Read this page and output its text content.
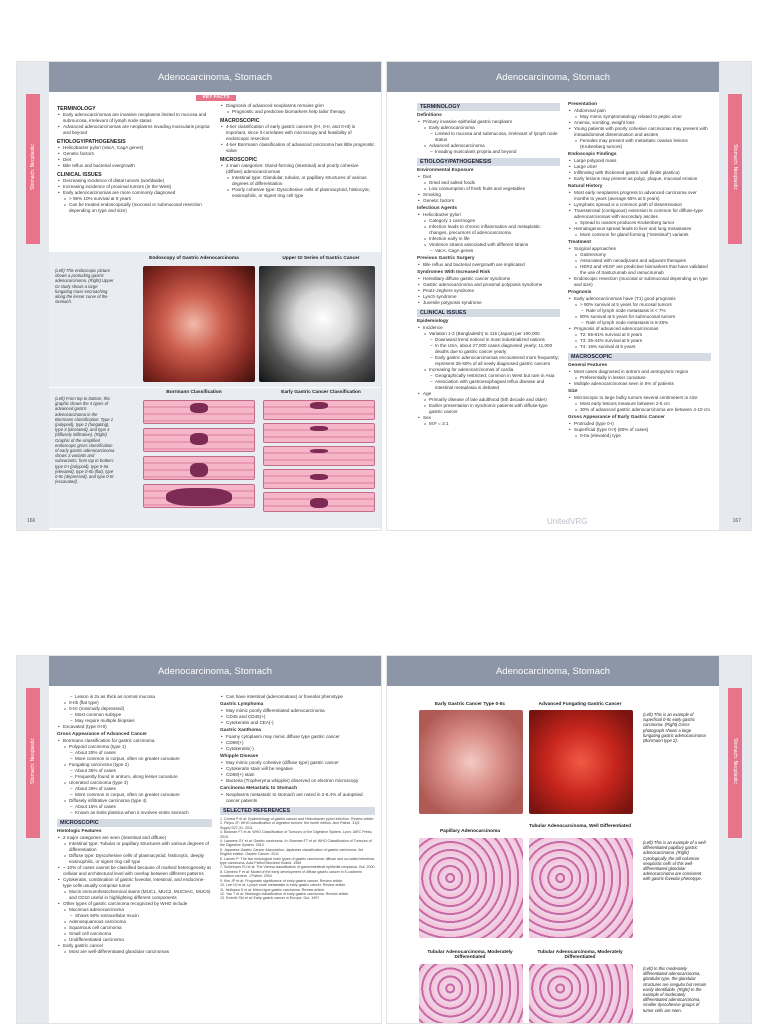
Stomach: Neoplastic
Adenocarcinoma, Stomach
KEY FACTS
TERMINOLOGY
• Early adenocarcinomas are invasive neoplasms limited to mucosa and submucosa, irrelevant of lymph node status
• Advanced adenocarcinomas are neoplasms invading muscularis propria and beyond
ETIOLOGY/PATHOGENESIS
• Helicobacter pylori (VacA, CagA genes)
• Genetic factors
• Diet
• Bile reflux and bacterial overgrowth
CLINICAL ISSUES
• Decreasing incidence of distal tumors (worldwide)
• Increasing incidence of proximal tumors (in the West)
• Early adenocarcinomas are more commonly diagnosed
o > 95% 10% survival at 5 years
o Can be treated endoscopically (mucosal or submucosal resection depending on type and size)
• Diagnosis of advanced neoplasms remains grim
o Prognostic and predictive biomarkers help tailor therapy
MACROSCOPIC
• 4-tier classification of early gastric cancers (0-I, 0-II, and 0-III) is important, since it correlates with microscopy and feasibility of endoscopic resection
• 4-tier Borrmann classification of advanced carcinoma has little prognostic value
MICROSCOPIC
• 2 main categories: Gland-forming (intestinal) and poorly cohesive (diffuse) adenocarcinomas
o Intestinal type: Glandular, tubular, or papillary structures of various degrees of differentiation
o Poorly cohesive type: Dyscohesive cells of plasmacytoid, histiocytic, eosinophilic, or signet ring cell type
(Left) This endoscopic picture shows a protruding gastric adenocarcinoma. (Right) Upper GI study shows a large fungating mass encroaching along the lesser curve of the stomach.
Endoscopy of Gastric Adenocarcinoma	Upper GI Series of Gastric Cancer
(Left) From top to bottom, this graphic shows the 4 types of advanced gastric adenocarcinoma in the Borrmann classification: Type 1 (polypoid), type 2 (fungating), type 3 (ulcerated), and type 4 (diffusely infiltrative). (Right) Graphic of the simplified endoscopic gross classification of early gastric adenocarcinoma shows 3 variants and subvariants, from top to bottom: type 0-I (polypoid), type 0-IIa (elevated), type 0-IIb (flat), type 0-IIc (depressed), and type 0-III (excavated).
Borrmann Classification	Early Gastric Cancer Classification
166
Stomach: Neoplastic
Adenocarcinoma, Stomach
TERMINOLOGY
Definitions
• Primary invasive epithelial gastric neoplasm
o Early adenocarcinoma
– Limited to mucosa and submucosa, irrelevant of lymph node status
o Advanced adenocarcinoma
– Invading muscularis propria and beyond
ETIOLOGY/PATHOGENESIS
Environmental Exposure
• Diet
o Dried and salted foods
o Low consumption of fresh fruits and vegetables
• Smoking
• Genetic factors
Infectious Agents
• Helicobacter pylori
o Category 1 carcinogen
o Infection leads to chronic inflammation and metaplastic changes, precursors of adenocarcinoma
o Infection early in life
o Virulence strains associated with different strains
– VacA, CagA genes
Previous Gastric Surgery
• Bile reflux and bacterial overgrowth are implicated
Syndromes With Increased Risk
• Hereditary diffuse gastric cancer syndrome
• Gastric adenocarcinoma and proximal polyposis syndrome
• Peutz-Jeghers syndrome
• Lynch syndrome
• Juvenile polyposis syndrome
CLINICAL ISSUES
Epidemiology
• Incidence
o Variation 1-3 (Bangladesh) to 115 (Japan) per 100,000
– Downward trend noticed in most industrialized nations
– In the USA, about 27,000 cases diagnosed yearly; 11,000 deaths due to gastric cancer yearly
– Early gastric adenocarcinomas encountered more frequently; represent 35-50% of all newly diagnosed gastric cancers
o Increasing for adenocarcinomas of cardia
– Geographically restricted; common in West but rare in Asia
– Association with gastroesophageal reflux disease and intestinal metaplasia is debated
• Age
o Primarily disease of late adulthood (5th decade and older)
o Earlier presentation in syndromic patients with diffuse-type gastric cancer
• Sex
o M:F = 2:1
Presentation
• Abdominal pain
o May mimic symptomatology related to peptic ulcer
• Anemia, vomiting, weight loss
• Young patients with poorly cohesive carcinomas may present with intraabdominal dissemination and ascites
o Females may present with metastatic ovarian lesions (Krukenberg tumors)
Endoscopic Findings
• Large polypoid mass
• Large ulcer
• Infiltrating with thickened gastric wall (linitis plastica)
• Early lesions may present as polyp, plaque, mucosal erosion
Natural History
• Most early neoplasms progress to advanced carcinoma over months to years (average 65% at 5 years)
• Lymphatic spread is a common path of dissemination
• Transserosal (contiguous) extension is common for diffuse-type adenocarcinomas with secondary ascites
o Spread to ovaries produces Krukenberg tumor
• Hematogenous spread leads to liver and lung metastases
o More common for gland-forming ("intestinal") variants
Treatment
• Surgical approaches
o Gastrectomy
o Associated with neoadjuvant and adjuvant therapies
o HER2 and VEGF are predictive biomarkers that have validated the use of trastuzumab and ramucirumab
• Endoscopic resection (mucosal or submucosal depending on type and size)
Prognosis
• Early adenocarcinomas have (T1) good prognosis
o > 90% survival at 5 years for mucosal tumors
– Rate of lymph node metastasis is < 7%
o 80% survival at 5 years for submucosal tumors
– Rate of lymph node metastasis is 8-25%
• Prognosis of advanced adenocarcinomas
o T2: 65-81% survival at 5 years
o T3: 35-44% survival at 5 years
o T4: 16% survival at 5 years
MACROSCOPIC
General Features
• Most cases diagnosed in antrum and antropyloric region
o Preferentially in lesser curvature
• Multiple adenocarcinomas seen in 5% of patients
Size
• Microscopic to large bulky tumors several centimeters in size
o Most early lesions measure between 2-5 cm
o 30% of advanced gastric adenocarcinoma are between 4-10 cm
Gross Appearance of Early Gastric Cancer
• Protruded (type 0-I)
• Superficial (type 0-II) (80% of cases)
o 0-IIa (elevated) type
UnitedVRG	167
Stomach: Neoplastic
Adenocarcinoma, Stomach
– Lesion is 2x as thick as normal mucosa
o 0-IIb (flat type)
o 0-IIc (minimally depressed)
– Most common subtype
– May require multiple biopsies
• Excavated (type 0-III)
Gross Appearance of Advanced Cancer
• Borrmann classification for gastric carcinoma
o Polypoid carcinoma (type 1)
– About 25% of cases
– More common in corpus, often on greater curvature
o Fungating carcinoma (type 2)
– About 35% of cases
– Frequently found in antrum, along lesser curvature
o Ulcerated carcinoma (type 3)
– About 25% of cases
– More common in corpus, often on greater curvature
o Diffusely infiltrative carcinoma (type 4)
– About 15% of cases
– Known as linitis plastica when it involves entire stomach
MICROSCOPIC
Histologic Features
• 2 major categories are seen (intestinal and diffuse)
o Intestinal type: Tubular or papillary structures with various degrees of differentiation
o Diffuse type: Dyscohesive cells of plasmacytoid, histiocytic, deeply eosinophilic, or signet ring cell type
• ~ 10% of cases cannot be classified because of marked heterogeneity at cellular and architectural level with overlap between different patterns
• Cytokeratin, combination of gastric foveolar, intestinal, and endocrine-type cells usually compose tumor
o Mucin immunohistochemical stains (MUC1, MUC2, MUC5AC, MUC6) and CD10 useful in highlighting different components
• Other types of gastric carcinoma recognized by WHO include
o Mucinous adenocarcinoma
– Shows 50% extracellular mucin
o Adenosquamous carcinoma
o Squamous cell carcinoma
o Small cell carcinoma
o Undifferentiated carcinoma
• Early gastric cancer
o Most are well-differentiated glandular carcinomas
• Can have intestinal (adenomatous) or foveolar phenotype
Gastric Lymphoma
• May mimic poorly differentiated adenocarcinoma
• CD45 and CD45(+)
• Cytokeratin and CEA(-)
Gastric Xanthoma
• Foamy cytoplasm may mimic diffuse type gastric cancer
• CD68(+)
• Cytokeratin(-)
Whipple Disease
• May mimic poorly cohesive (diffuse type) gastric cancer
• Cytokeratin stain will be negative
• CD68(+) stain
• Bacteria (Tropheryma whipplei) observed on electron microscopy
Carcinoma Metastatic to Stomach
• Neoplasms metastatic to stomach are noted in 2-5.4% of autopsied cancer patients
SELECTED REFERENCES
1. Correa P et al: Epidemiology of gastric cancer and Helicobacter pylori infection. Review article.
2. Fléjou JF: WHO classification of digestive tumors: the fourth edition. Ann Pathol. 31(5 Suppl):S27-31, 2011
3. Bosman FT et al: WHO Classification of Tumours of the Digestive System. Lyon: IARC Press, 2010
4. Lauwers GY et al: Gastric carcinoma. In: Bosman FT et al: WHO Classification of Tumours of the Digestive System. 2010
5. Japanese Gastric Cancer Association: Japanese classification of gastric carcinoma: 3rd English edition. Gastric Cancer. 2011
6. Lauren P: The two histological main types of gastric carcinoma: diffuse and so-called intestinal-type carcinoma. Acta Pathol Microbiol Scand. 1965
7. Schlemper RJ et al: The Vienna classification of gastrointestinal epithelial neoplasia. Gut. 2000
8. Carneiro F et al: Model of the early development of diffuse gastric cancer in E-cadherin mutation carriers. J Pathol. 2004
9. Kim JP et al: Prognostic significance of early gastric cancer. Review article.
10. Lee HJ et al: Lymph node metastasis in early gastric cancer. Review article.
11. Ishikawa S et al: Mixed-type gastric carcinoma. Review article.
12. Yao T et al: Histologic classification of early gastric carcinoma. Review article.
13. Everett SM et al: Early gastric cancer in Europe. Gut. 1997
Stomach: Neoplastic
Adenocarcinoma, Stomach
Early Gastric Cancer Type 0-IIc	Advanced Fungating Gastric Cancer
(Left) This is an example of superficial 0-IIc early gastric carcinoma. (Right) Gross photograph shows a large fungating gastric adenocarcinoma (Borrmann type 2).
Papillary Adenocarcinoma
Tubular Adenocarcinoma, Well Differentiated
(Left) This is an example of a well-differentiated papillary gastric adenocarcinoma. (Right) Cytologically, the tall columnar neoplastic cells of this well-differentiated glandular adenocarcinoma are consistent with gastric foveolar phenotype.
Tubular Adenocarcinoma, Moderately Differentiated
Tubular Adenocarcinoma, Moderately Differentiated
(Left) In this moderately differentiated adenocarcinoma, glandular type, the glandular structures are irregular but remain easily identifiable. (Right) In the example of moderately differentiated adenocarcinoma, smaller dyscohesive groups of tumor cells are seen.
